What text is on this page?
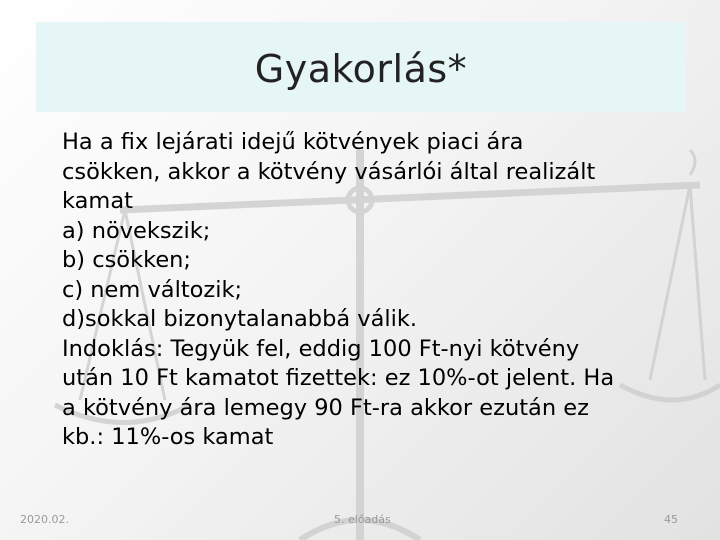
Gyakorlás*
Ha a fix lejárati idejű kötvények piaci ára
csökken, akkor a kötvény vásárlói által realizált
kamat
a) növekszik;
b) csökken;
c) nem változik;
d)sokkal bizonytalanabbá válik.
Indoklás: Tegyük fel, eddig 100 Ft-nyi kötvény
után 10 Ft kamatot fizettek: ez 10%-ot jelent. Ha
a kötvény ára lemegy 90 Ft-ra akkor ezután ez
kb.: 11%-os kamat
2020.02.	5. előadás	45
